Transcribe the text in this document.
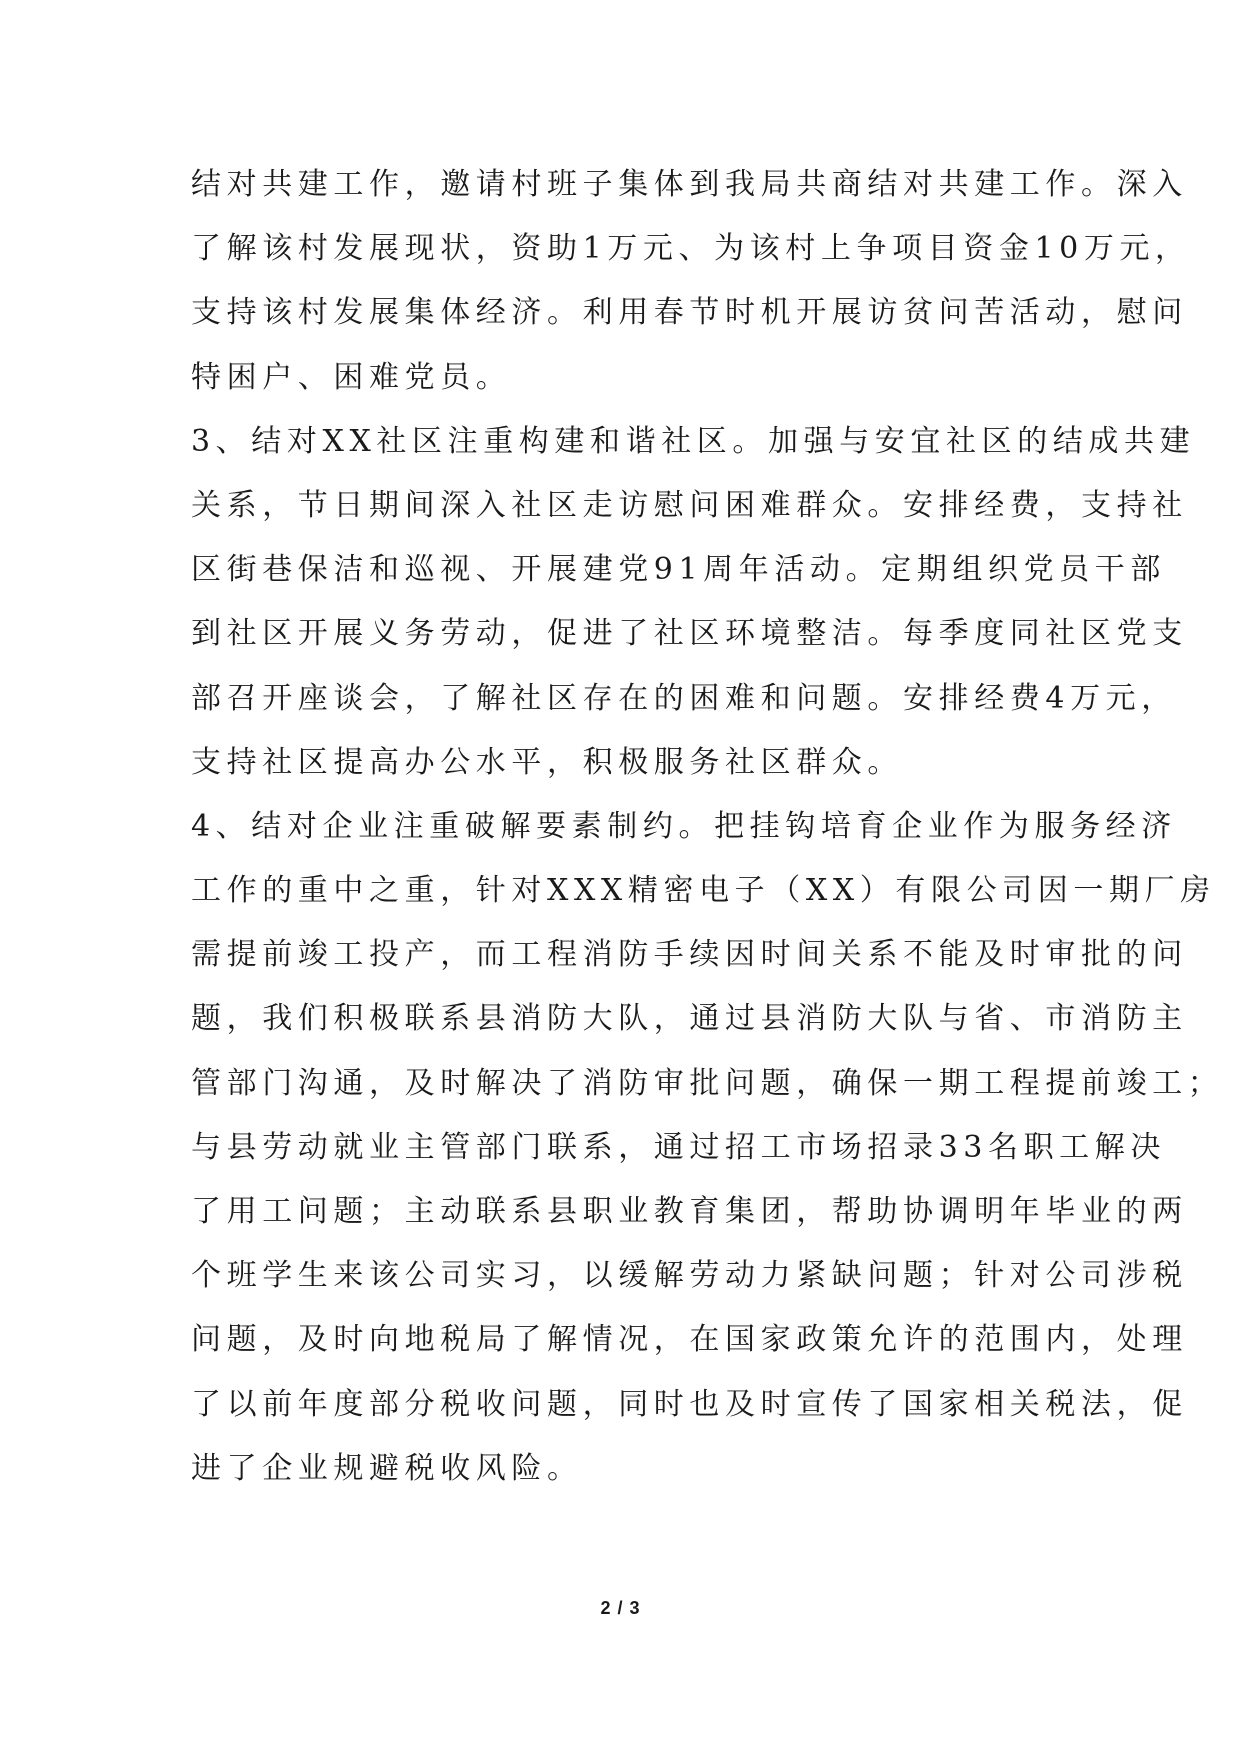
结对共建工作，邀请村班子集体到我局共商结对共建工作。深入
了解该村发展现状，资助1万元、为该村上争项目资金10万元，
支持该村发展集体经济。利用春节时机开展访贫问苦活动，慰问
特困户、困难党员。
3、结对XX社区注重构建和谐社区。加强与安宜社区的结成共建
关系，节日期间深入社区走访慰问困难群众。安排经费，支持社
区街巷保洁和巡视、开展建党91周年活动。定期组织党员干部
到社区开展义务劳动，促进了社区环境整洁。每季度同社区党支
部召开座谈会，了解社区存在的困难和问题。安排经费4万元，
支持社区提高办公水平，积极服务社区群众。
4、结对企业注重破解要素制约。把挂钩培育企业作为服务经济
工作的重中之重，针对XXX精密电子（XX）有限公司因一期厂房
需提前竣工投产，而工程消防手续因时间关系不能及时审批的问
题，我们积极联系县消防大队，通过县消防大队与省、市消防主
管部门沟通，及时解决了消防审批问题，确保一期工程提前竣工；
与县劳动就业主管部门联系，通过招工市场招录33名职工解决
了用工问题；主动联系县职业教育集团，帮助协调明年毕业的两
个班学生来该公司实习，以缓解劳动力紧缺问题；针对公司涉税
问题，及时向地税局了解情况，在国家政策允许的范围内，处理
了以前年度部分税收问题，同时也及时宣传了国家相关税法，促
进了企业规避税收风险。
2 / 3
